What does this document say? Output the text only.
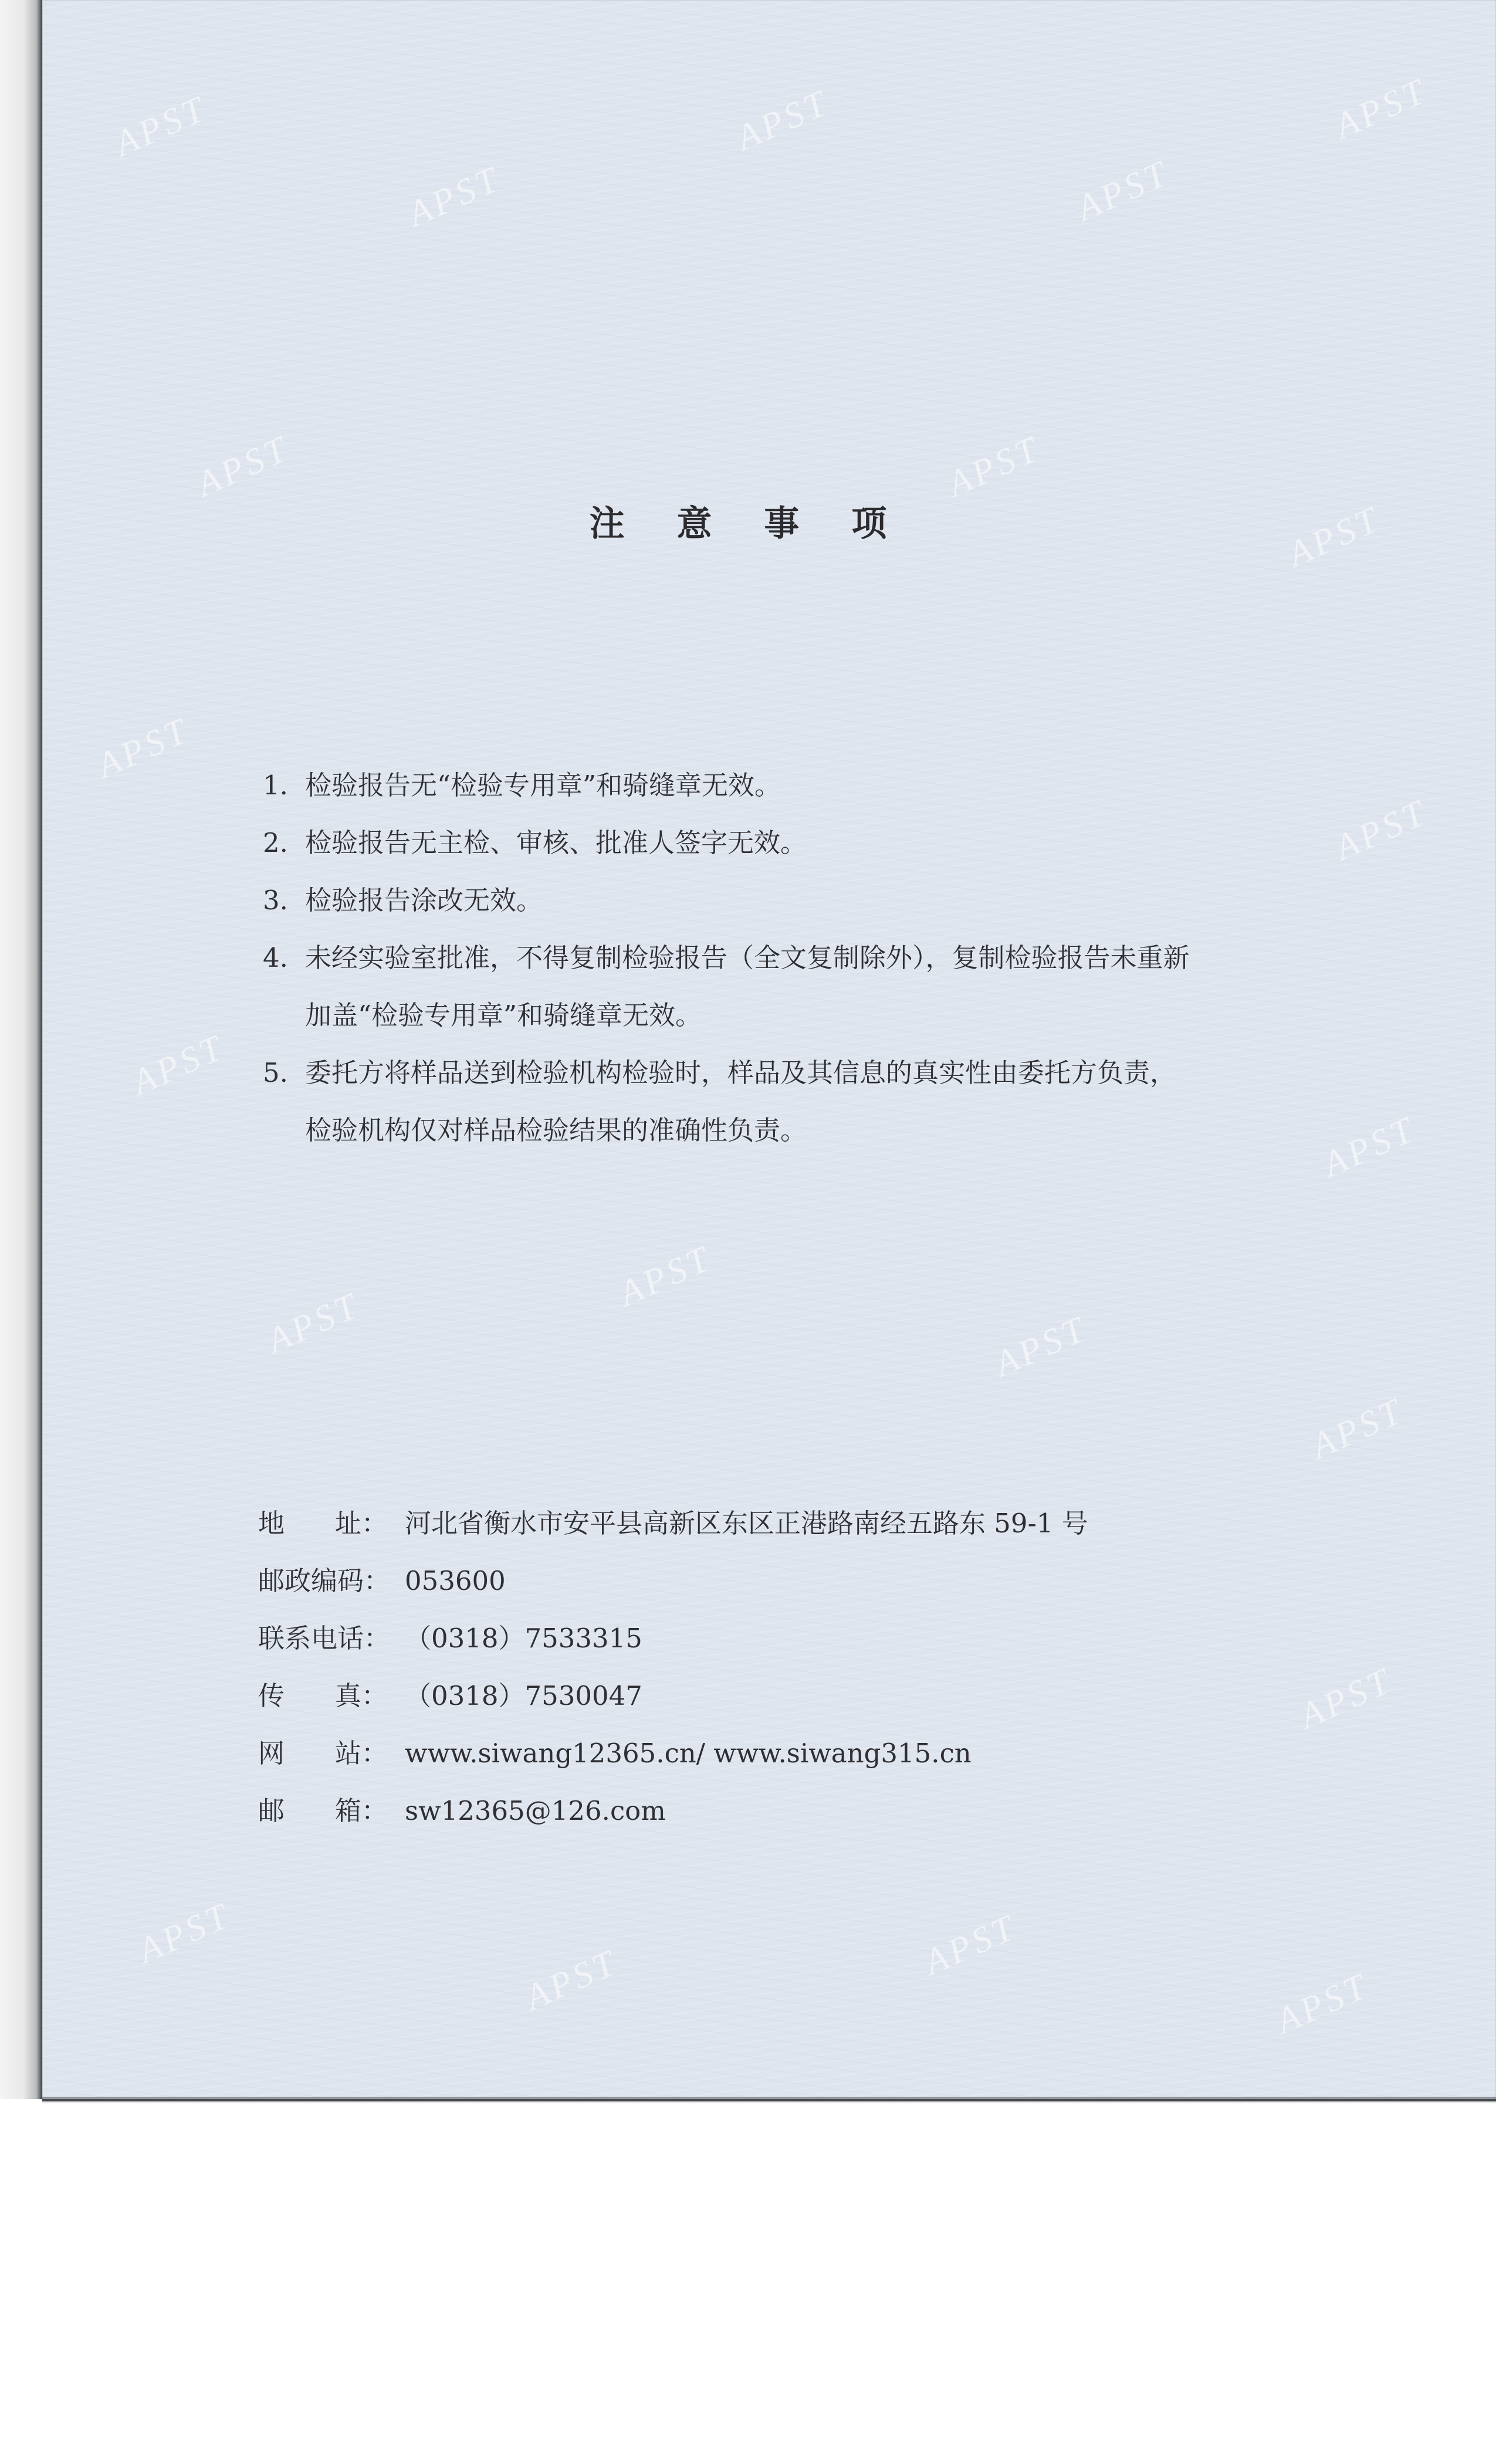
APST
APST
APST
APST
APST
APST	APST
APST
APST
APST
APST
APST
APST
APST
APST
APST
APST
APST
APST	APST
APST
注 意 事 项
1. 检验报告无“检验专用章”和骑缝章无效。
2. 检验报告无主检、审核、批准人签字无效。
3. 检验报告涂改无效。
4. 未经实验室批准，不得复制检验报告（全文复制除外），复制检验报告未重新
加盖“检验专用章”和骑缝章无效。
5. 委托方将样品送到检验机构检验时，样品及其信息的真实性由委托方负责，
检验机构仅对样品检验结果的准确性负责。
地      址： 河北省衡水市安平县高新区东区正港路南经五路东 59-1 号
邮政编码： 053600
联系电话： （0318）7533315
传      真： （0318）7530047
网      站： www.siwang12365.cn/ www.siwang315.cn
邮      箱： sw12365@126.com
